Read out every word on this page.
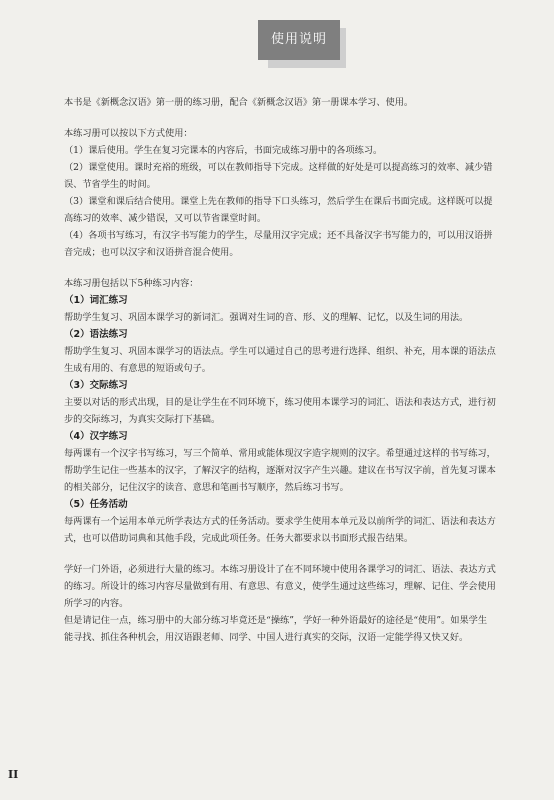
使用说明

本书是《新概念汉语》第一册的练习册，配合《新概念汉语》第一册课本学习、使用。

本练习册可以按以下方式使用：

（1）课后使用。学生在复习完课本的内容后，书面完成练习册中的各项练习。

（2）课堂使用。课时充裕的班级，可以在教师指导下完成。这样做的好处是可以提高练习的效率、减少错误、节省学生的时间。

（3）课堂和课后结合使用。课堂上先在教师的指导下口头练习，然后学生在课后书面完成。这样既可以提高练习的效率、减少错误，又可以节省课堂时间。

（4）各项书写练习，有汉字书写能力的学生，尽量用汉字完成；还不具备汉字书写能力的，可以用汉语拼音完成；也可以汉字和汉语拼音混合使用。

本练习册包括以下5种练习内容：

（1）词汇练习

帮助学生复习、巩固本课学习的新词汇。强调对生词的音、形、义的理解、记忆，以及生词的用法。

（2）语法练习

帮助学生复习、巩固本课学习的语法点。学生可以通过自己的思考进行选择、组织、补充，用本课的语法点生成有用的、有意思的短语或句子。

（3）交际练习

主要以对话的形式出现，目的是让学生在不同环境下，练习使用本课学习的词汇、语法和表达方式，进行初步的交际练习，为真实交际打下基础。

（4）汉字练习

每两课有一个汉字书写练习，写三个简单、常用或能体现汉字造字规则的汉字。希望通过这样的书写练习，帮助学生记住一些基本的汉字，了解汉字的结构，逐渐对汉字产生兴趣。建议在书写汉字前，首先复习课本的相关部分，记住汉字的读音、意思和笔画书写顺序，然后练习书写。

（5）任务活动

每两课有一个运用本单元所学表达方式的任务活动。要求学生使用本单元及以前所学的词汇、语法和表达方式，也可以借助词典和其他手段，完成此项任务。任务大都要求以书面形式报告结果。

学好一门外语，必须进行大量的练习。本练习册设计了在不同环境中使用各课学习的词汇、语法、表达方式的练习。所设计的练习内容尽量做到有用、有意思、有意义，使学生通过这些练习，理解、记住、学会使用所学习的内容。

但是请记住一点，练习册中的大部分练习毕竟还是“操练”，学好一种外语最好的途径是“使用”。如果学生能寻找、抓住各种机会，用汉语跟老师、同学、中国人进行真实的交际，汉语一定能学得又快又好。

II
